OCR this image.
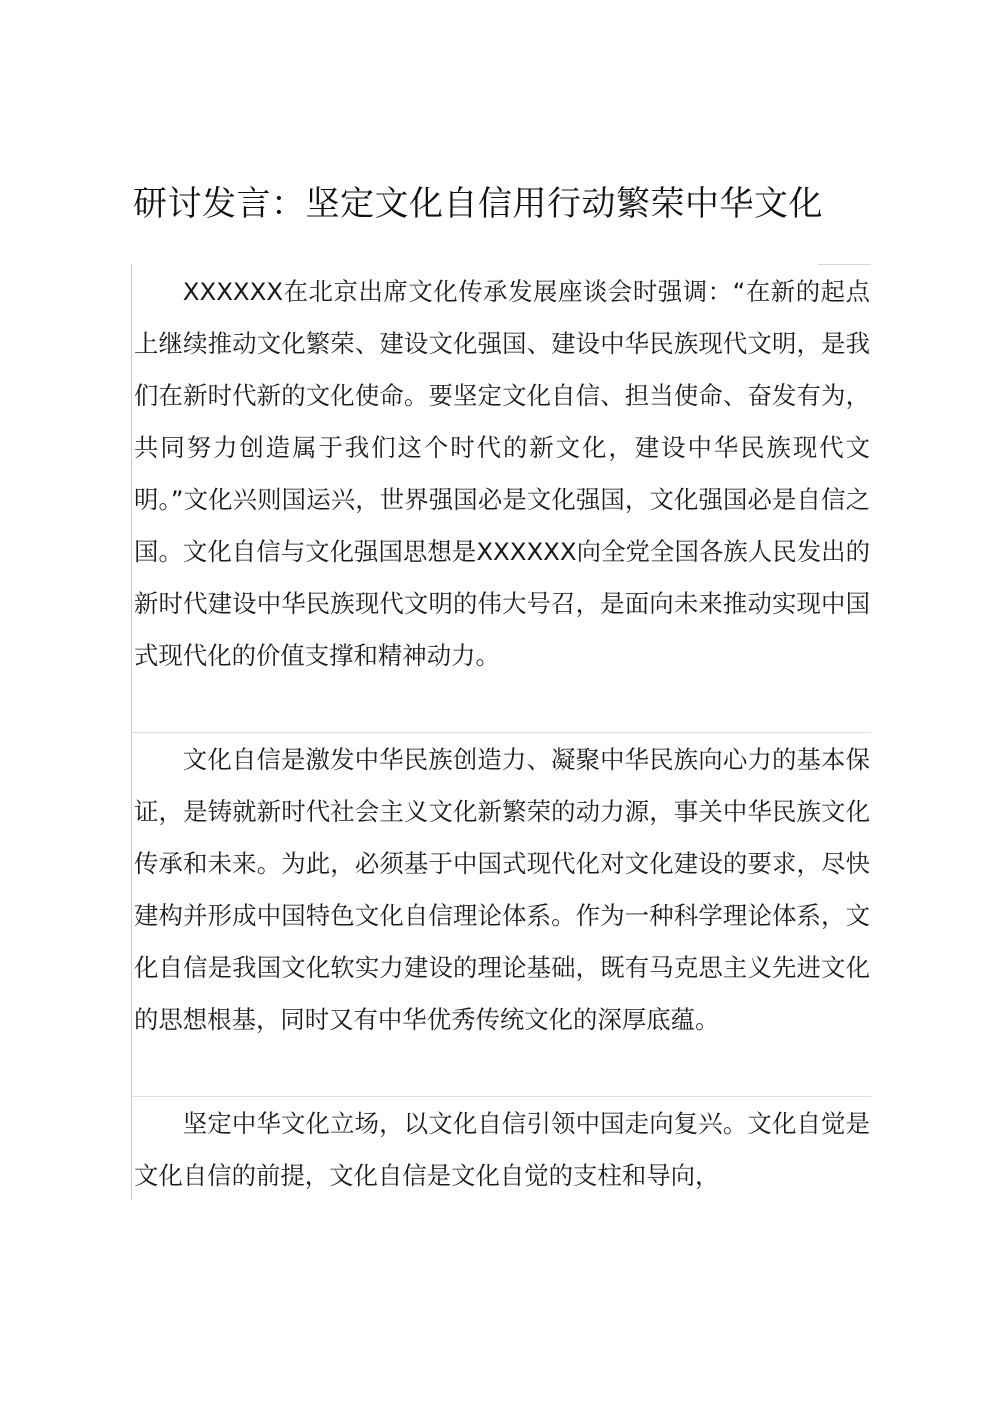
研讨发言：坚定文化自信用行动繁荣中华文化

XXXXXX在北京出席文化传承发展座谈会时强调：“在新的起点上继续推动文化繁荣、建设文化强国、建设中华民族现代文明，是我们在新时代新的文化使命。要坚定文化自信、担当使命、奋发有为，共同努力创造属于我们这个时代的新文化，建设中华民族现代文明。”文化兴则国运兴，世界强国必是文化强国，文化强国必是自信之国。文化自信与文化强国思想是XXXXXX向全党全国各族人民发出的新时代建设中华民族现代文明的伟大号召，是面向未来推动实现中国式现代化的价值支撑和精神动力。

文化自信是激发中华民族创造力、凝聚中华民族向心力的基本保证，是铸就新时代社会主义文化新繁荣的动力源，事关中华民族文化传承和未来。为此，必须基于中国式现代化对文化建设的要求，尽快建构并形成中国特色文化自信理论体系。作为一种科学理论体系，文化自信是我国文化软实力建设的理论基础，既有马克思主义先进文化的思想根基，同时又有中华优秀传统文化的深厚底蕴。

坚定中华文化立场，以文化自信引领中国走向复兴。文化自觉是文化自信的前提，文化自信是文化自觉的支柱和导向，
